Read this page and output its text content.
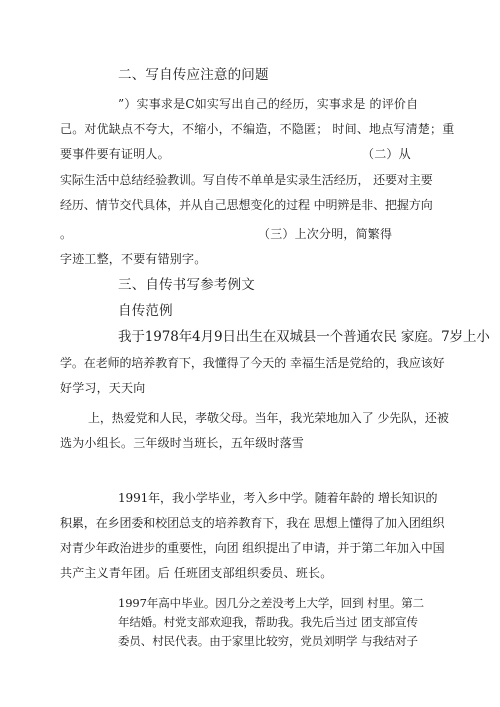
二、写自传应注意的问题
”）实事求是C如实写出自己的经历，实事求是 的评价自
己。对优缺点不夸大，不缩小，不编造，不隐匿； 时间、地点写清楚；重
要事件要有证明人。	（二）从
实际生活中总结经验教训。写自传不单单是实录生活经历， 还要对主要
经历、情节交代具体，并从自己思想变化的过程 中明辨是非、把握方向
。	（三）上次分明，简繁得
字迹工整，不要有错别字。
三、自传书写参考例文
自传范例
我于1978年4月9日出生在双城县一个普通农民 家庭。7岁上小
学。在老师的培养教育下，我懂得了今天的 幸福生活是党给的，我应该好
好学习，天天向
上，热爱党和人民，孝敬父母。当年，我光荣地加入了 少先队，还被
选为小组长。三年级时当班长，五年级时落雪
1991年，我小学毕业，考入乡中学。随着年龄的 增长知识的
积累，在乡团委和校团总支的培养教育下，我在 思想上懂得了加入团组织
对青少年政治进步的重要性，向团 组织提出了申请，并于第二年加入中国
共产主义青年团。后 任班团支部组织委员、班长。
1997年高中毕业。因几分之差没考上大学，回到 村里。第二
年结婚。村党支部欢迎我，帮助我。我先后当过 团支部宣传
委员、村民代表。由于家里比较穷，党员刘明学 与我结对子
